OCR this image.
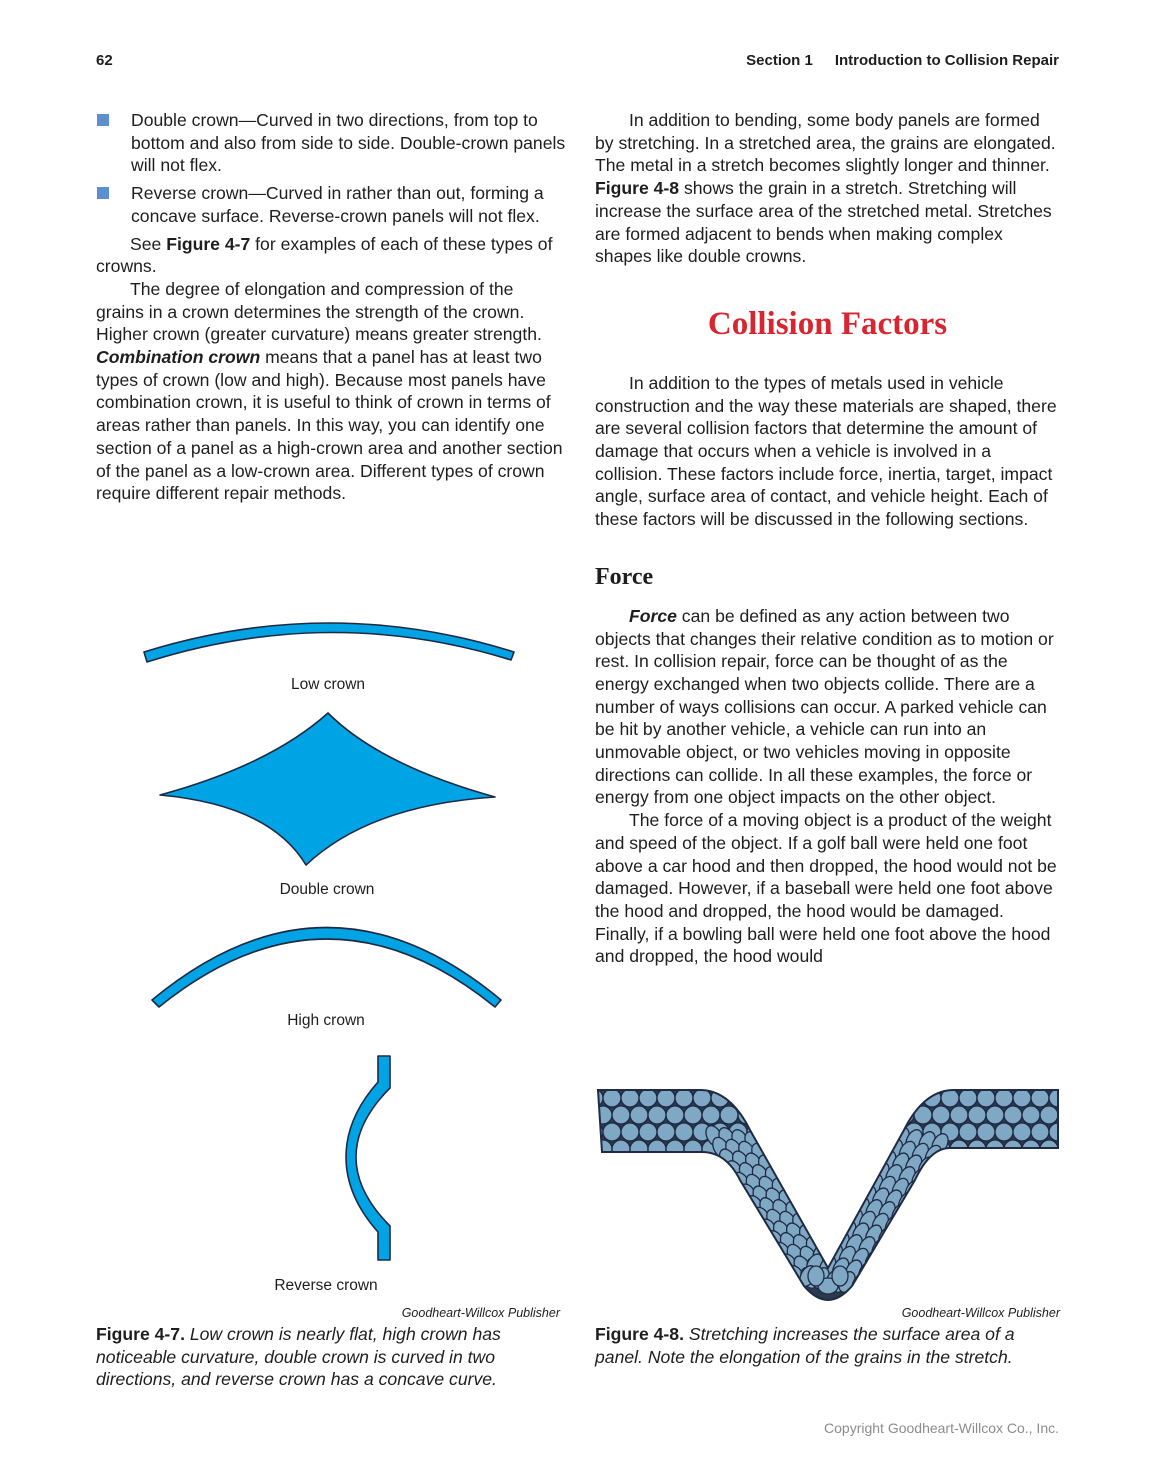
62	Section 1 Introduction to Collision Repair

Double crown—Curved in two directions, from top to bottom and also from side to side. Double-crown panels will not flex.

Reverse crown—Curved in rather than out, forming a concave surface. Reverse-crown panels will not flex.

See Figure 4-7 for examples of each of these types of crowns.

The degree of elongation and compression of the grains in a crown determines the strength of the crown. Higher crown (greater curvature) means greater strength. Combination crown means that a panel has at least two types of crown (low and high). Because most panels have combination crown, it is useful to think of crown in terms of areas rather than panels. In this way, you can identify one section of a panel as a high-crown area and another section of the panel as a low-crown area. Different types of crown require different repair methods.

In addition to bending, some body panels are formed by stretching. In a stretched area, the grains are elongated. The metal in a stretch becomes slightly longer and thinner. Figure 4-8 shows the grain in a stretch. Stretching will increase the surface area of the stretched metal. Stretches are formed adjacent to bends when making complex shapes like double crowns.

Collision Factors

In addition to the types of metals used in vehicle construction and the way these materials are shaped, there are several collision factors that determine the amount of damage that occurs when a vehicle is involved in a collision. These factors include force, inertia, target, impact angle, surface area of contact, and vehicle height. Each of these factors will be discussed in the following sections.

Force

Force can be defined as any action between two objects that changes their relative condition as to motion or rest. In collision repair, force can be thought of as the energy exchanged when two objects collide. There are a number of ways collisions can occur. A parked vehicle can be hit by another vehicle, a vehicle can run into an unmovable object, or two vehicles moving in opposite directions can collide. In all these examples, the force or energy from one object impacts on the other object.

The force of a moving object is a product of the weight and speed of the object. If a golf ball were held one foot above a car hood and then dropped, the hood would not be damaged. However, if a baseball were held one foot above the hood and dropped, the hood would be damaged. Finally, if a bowling ball were held one foot above the hood and dropped, the hood would

Low crown
Double crown
High crown
Reverse crown
Goodheart-Willcox Publisher
Figure 4-7. Low crown is nearly flat, high crown has noticeable curvature, double crown is curved in two directions, and reverse crown has a concave curve.
Goodheart-Willcox Publisher
Figure 4-8. Stretching increases the surface area of a panel. Note the elongation of the grains in the stretch.
Copyright Goodheart-Willcox Co., Inc.
